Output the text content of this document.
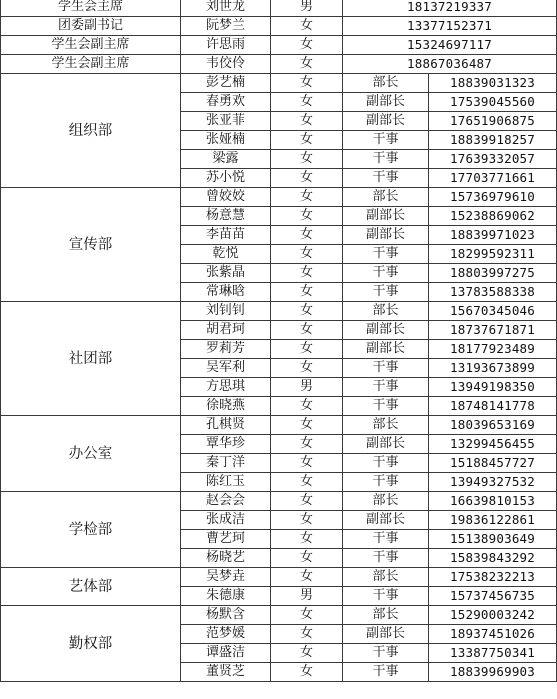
学生会主席	刘世龙	男	18137219337	
团委副书记	阮梦兰	女	13377152371	
学生会副主席	许思雨	女	15324697117	
学生会副主席	韦佼伶	女	18867036487	
组织部	彭艺楠	女	部长	18839031323
	春勇欢	女	副部长	17539045560
	张亚菲	女	副部长	17651906875
	张娅楠	女	干事	18839918257
	梁露	女	干事	17639332057
	苏小悦	女	干事	17703771661
宣传部	曾姣姣	女	部长	15736979610
	杨意慧	女	副部长	15238869062
	李苗苗	女	副部长	18839971023
	乾悦	女	干事	18299592311
	张紫晶	女	干事	18803997275
	常琳晗	女	干事	13783588338
社团部	刘钊钊	女	部长	15670345046
	胡君珂	女	副部长	18737671871
	罗莉芳	女	副部长	18177923489
	吴军利	女	干事	13193673899
	方思琪	男	干事	13949198350
	徐晓燕	女	干事	18748141778
办公室	孔棋贤	女	部长	18039653169
	覃华珍	女	副部长	13299456455
	秦丁洋	女	干事	15188457727
	陈红玉	女	干事	13949327532
学检部	赵会会	女	部长	16639810153
	张成洁	女	副部长	19836122861
	曹艺珂	女	干事	15138903649
	杨晓艺	女	干事	15839843292
艺体部	吴梦垚	女	部长	17538232213
	朱德康	男	干事	15737456735
勤权部	杨默含	女	部长	15290003242
	范梦媛	女	副部长	18937451026
	谭盛洁	女	干事	13387750341
	董贤芝	女	干事	18839969903
